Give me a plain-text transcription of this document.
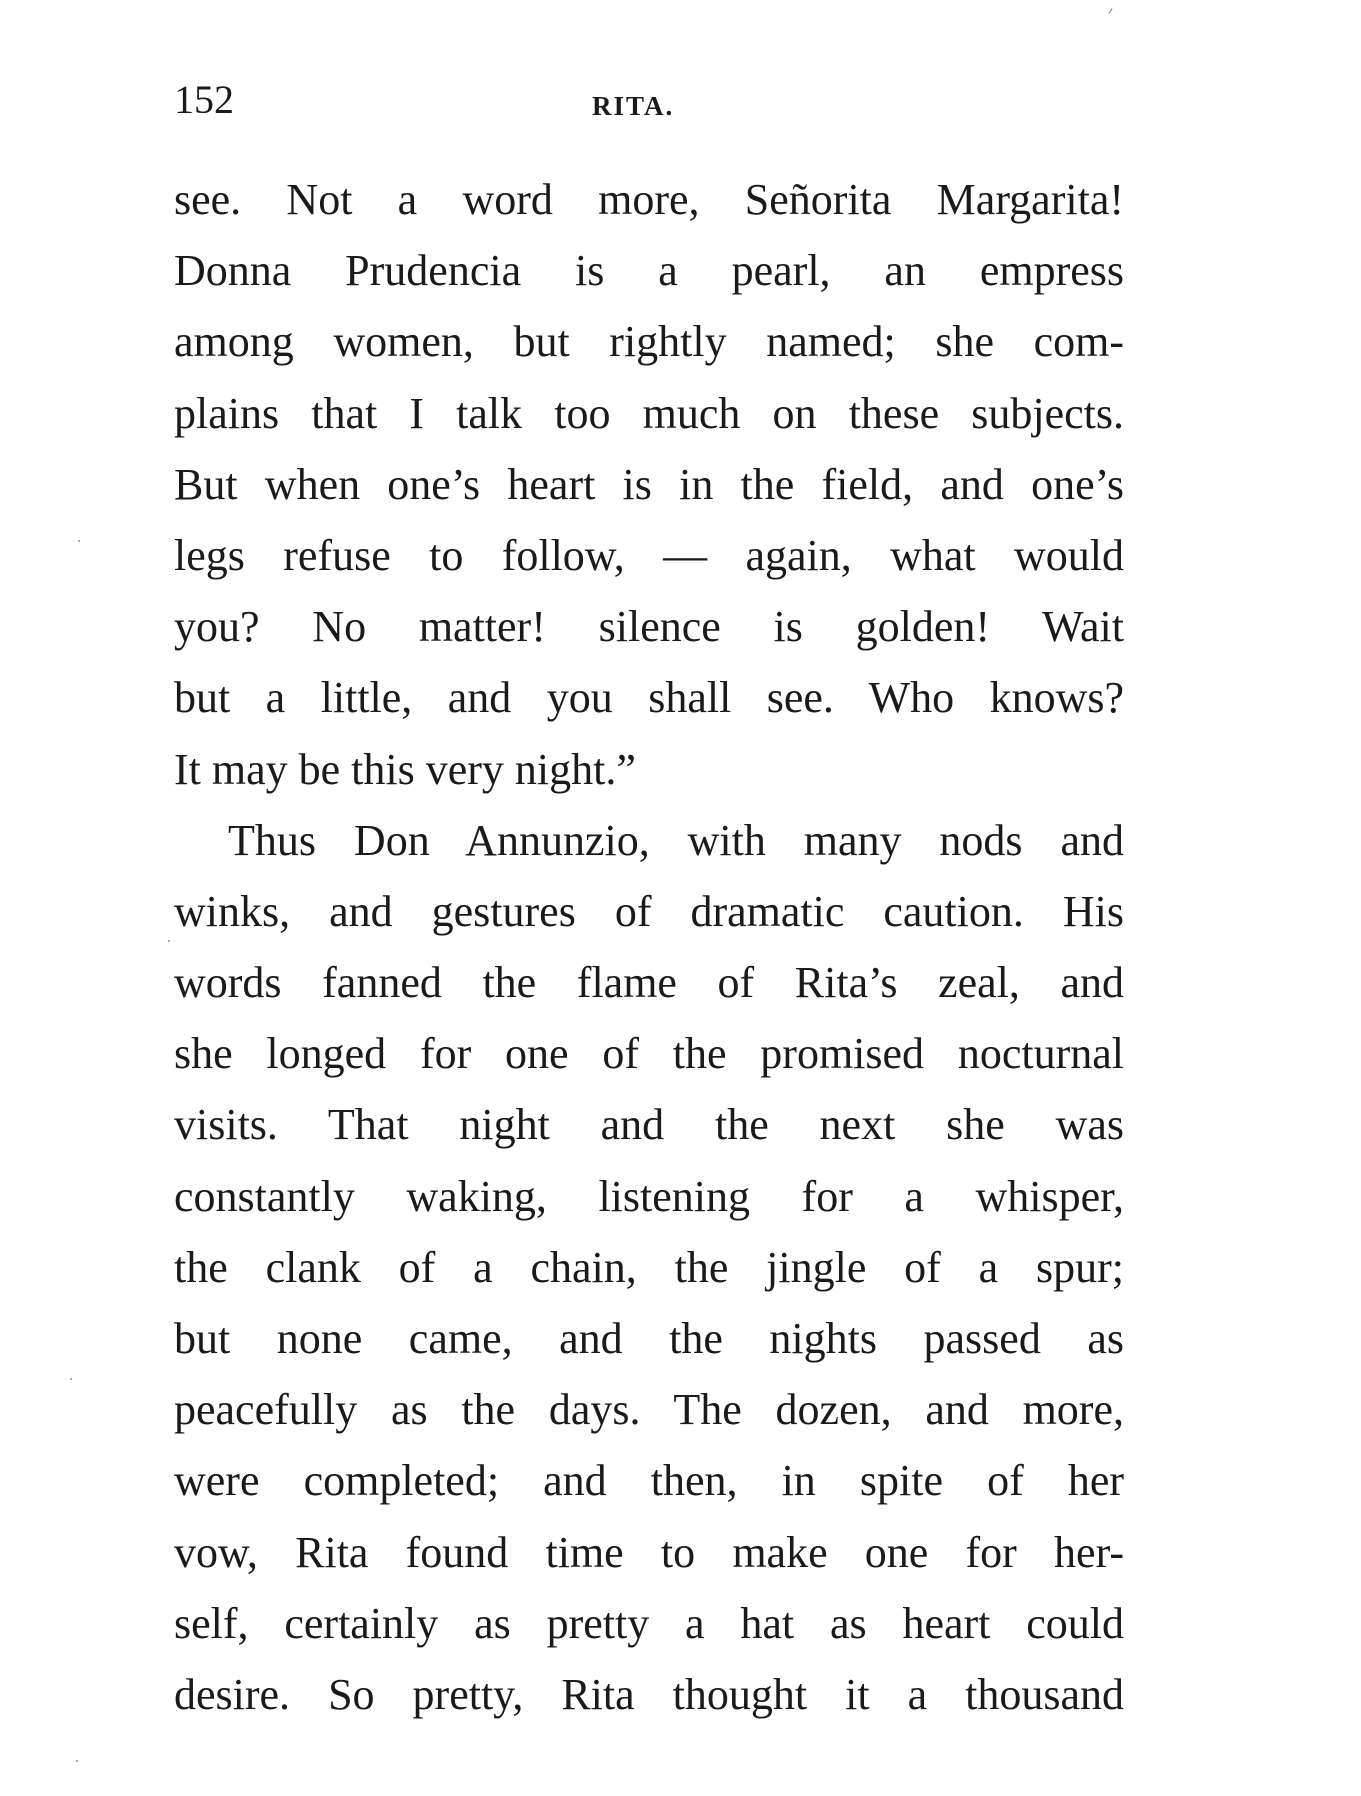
152	RITA.
see. Not a word more, Señorita Margarita!
Donna Prudencia is a pearl, an empress
among women, but rightly named; she com-
plains that I talk too much on these subjects.
But when one’s heart is in the field, and one’s
legs refuse to follow, — again, what would
you? No matter! silence is golden! Wait
but a little, and you shall see. Who knows?
It may be this very night.”
Thus Don Annunzio, with many nods and
winks, and gestures of dramatic caution. His
words fanned the flame of Rita’s zeal, and
she longed for one of the promised nocturnal
visits. That night and the next she was
constantly waking, listening for a whisper,
the clank of a chain, the jingle of a spur;
but none came, and the nights passed as
peacefully as the days. The dozen, and more,
were completed; and then, in spite of her
vow, Rita found time to make one for her-
self, certainly as pretty a hat as heart could
desire. So pretty, Rita thought it a thousand
